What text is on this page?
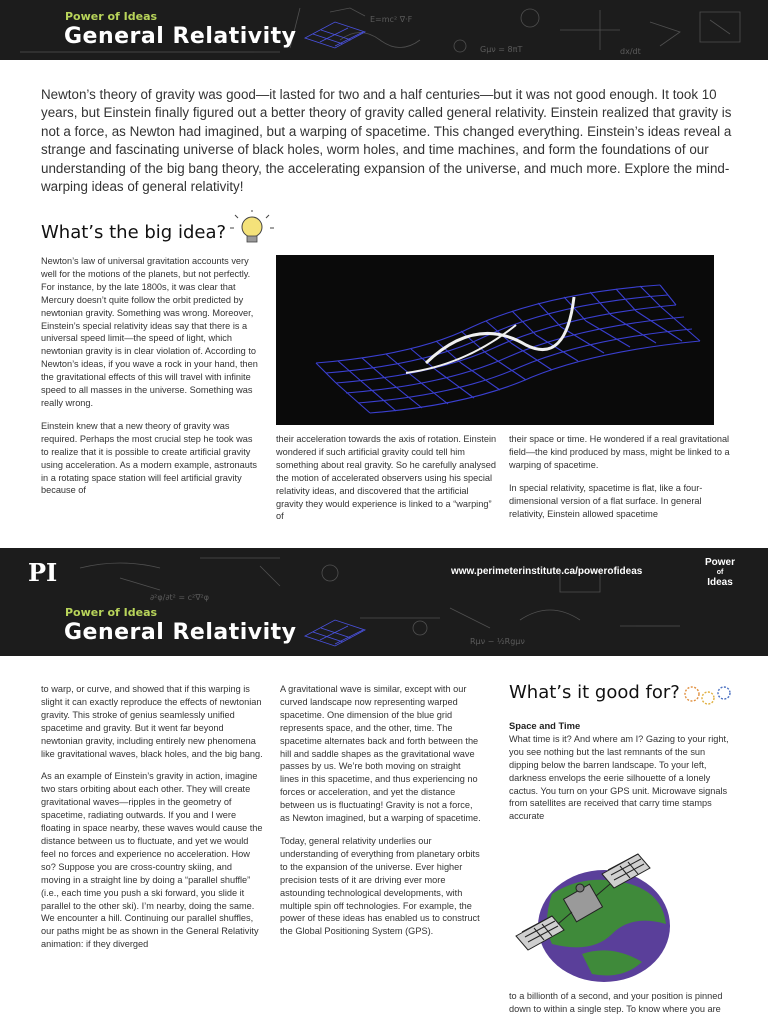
E=mc² ∇·F
Gμν = 8πT	dx/dt
Power of Ideas
General Relativity

Newton’s theory of gravity was good—it lasted for two and a half centuries—but it was not good enough. It took 10 years, but Einstein finally figured out a better theory of gravity called general relativity. Einstein realized that gravity is not a force, as Newton had imagined, but a warping of spacetime. This changed everything. Einstein’s ideas reveal a strange and fascinating universe of black holes, worm holes, and time machines, and form the foundations of our understanding of the big bang theory, the accelerating expansion of the universe, and much more. Explore the mind-warping ideas of general relativity!

What’s the big idea?

Newton’s law of universal gravitation accounts very well for the motions of the planets, but not perfectly. For instance, by the late 1800s, it was clear that Mercury doesn’t quite follow the orbit predicted by newtonian gravity. Something was wrong. Moreover, Einstein’s special relativity ideas say that there is a universal speed limit—the speed of light, which newtonian gravity is in clear violation of. According to Newton’s ideas, if you wave a rock in your hand, then the gravitational effects of this will travel with infinite speed to all masses in the universe. Something was really wrong.

Einstein knew that a new theory of gravity was required. Perhaps the most crucial step he took was to realize that it is possible to create artificial gravity using acceleration. As a modern example, astronauts in a rotating space station will feel artificial gravity because of

their acceleration towards the axis of rotation. Einstein wondered if such artificial gravity could tell him something about real gravity. So he carefully analysed the motion of accelerated observers using his special relativity ideas, and discovered that the artificial gravity they would experience is linked to a “warping” of

their space or time. He wondered if a real gravitational field—the kind produced by mass, might be linked to a warping of spacetime.

In special relativity, spacetime is flat, like a four-dimensional version of a flat surface. In general relativity, Einstein allowed spacetime

∂²φ/∂t² = c²∇²φ
Rμν − ½Rgμν
PI	www.perimeterinstitute.ca/powerofideas
Power
of
Ideas
Power of Ideas
General Relativity

to warp, or curve, and showed that if this warping is slight it can exactly reproduce the effects of newtonian gravity. This stroke of genius seamlessly unified spacetime and gravity. But it went far beyond newtonian gravity, including entirely new phenomena like gravitational waves, black holes, and the big bang.

As an example of Einstein’s gravity in action, imagine two stars orbiting about each other. They will create gravitational waves—ripples in the geometry of spacetime, radiating outwards. If you and I were floating in space nearby, these waves would cause the distance between us to fluctuate, and yet we would feel no forces and experience no acceleration. How so? Suppose you are cross-country skiing, and moving in a straight line by doing a “parallel shuffle” (i.e., each time you push a ski forward, you slide it parallel to the other ski). I’m nearby, doing the same. We encounter a hill. Continuing our parallel shuffles, our paths might be as shown in the General Relativity animation: if they diverged

A gravitational wave is similar, except with our curved landscape now representing warped spacetime. One dimension of the blue grid represents space, and the other, time. The spacetime alternates back and forth between the hill and saddle shapes as the gravitational wave passes by us. We’re both moving on straight lines in this spacetime, and thus experiencing no forces or acceleration, and yet the distance between us is fluctuating! Gravity is not a force, as Newton imagined, but a warping of spacetime.

Today, general relativity underlies our understanding of everything from planetary orbits to the expansion of the universe. Ever higher precision tests of it are driving ever more astounding technological developments, with multiple spin off technologies. For example, the power of these ideas has enabled us to construct the Global Positioning System (GPS).

What’s it good for?
Space and Time

What time is it? And where am I? Gazing to your right, you see nothing but the last remnants of the sun dipping below the barren landscape. To your left, darkness envelops the eerie silhouette of a lonely cactus. You turn on your GPS unit. Microwave signals from satellites are received that carry time stamps accurate

to a billionth of a second, and your position is pinned down to within a single step. To know where you are
